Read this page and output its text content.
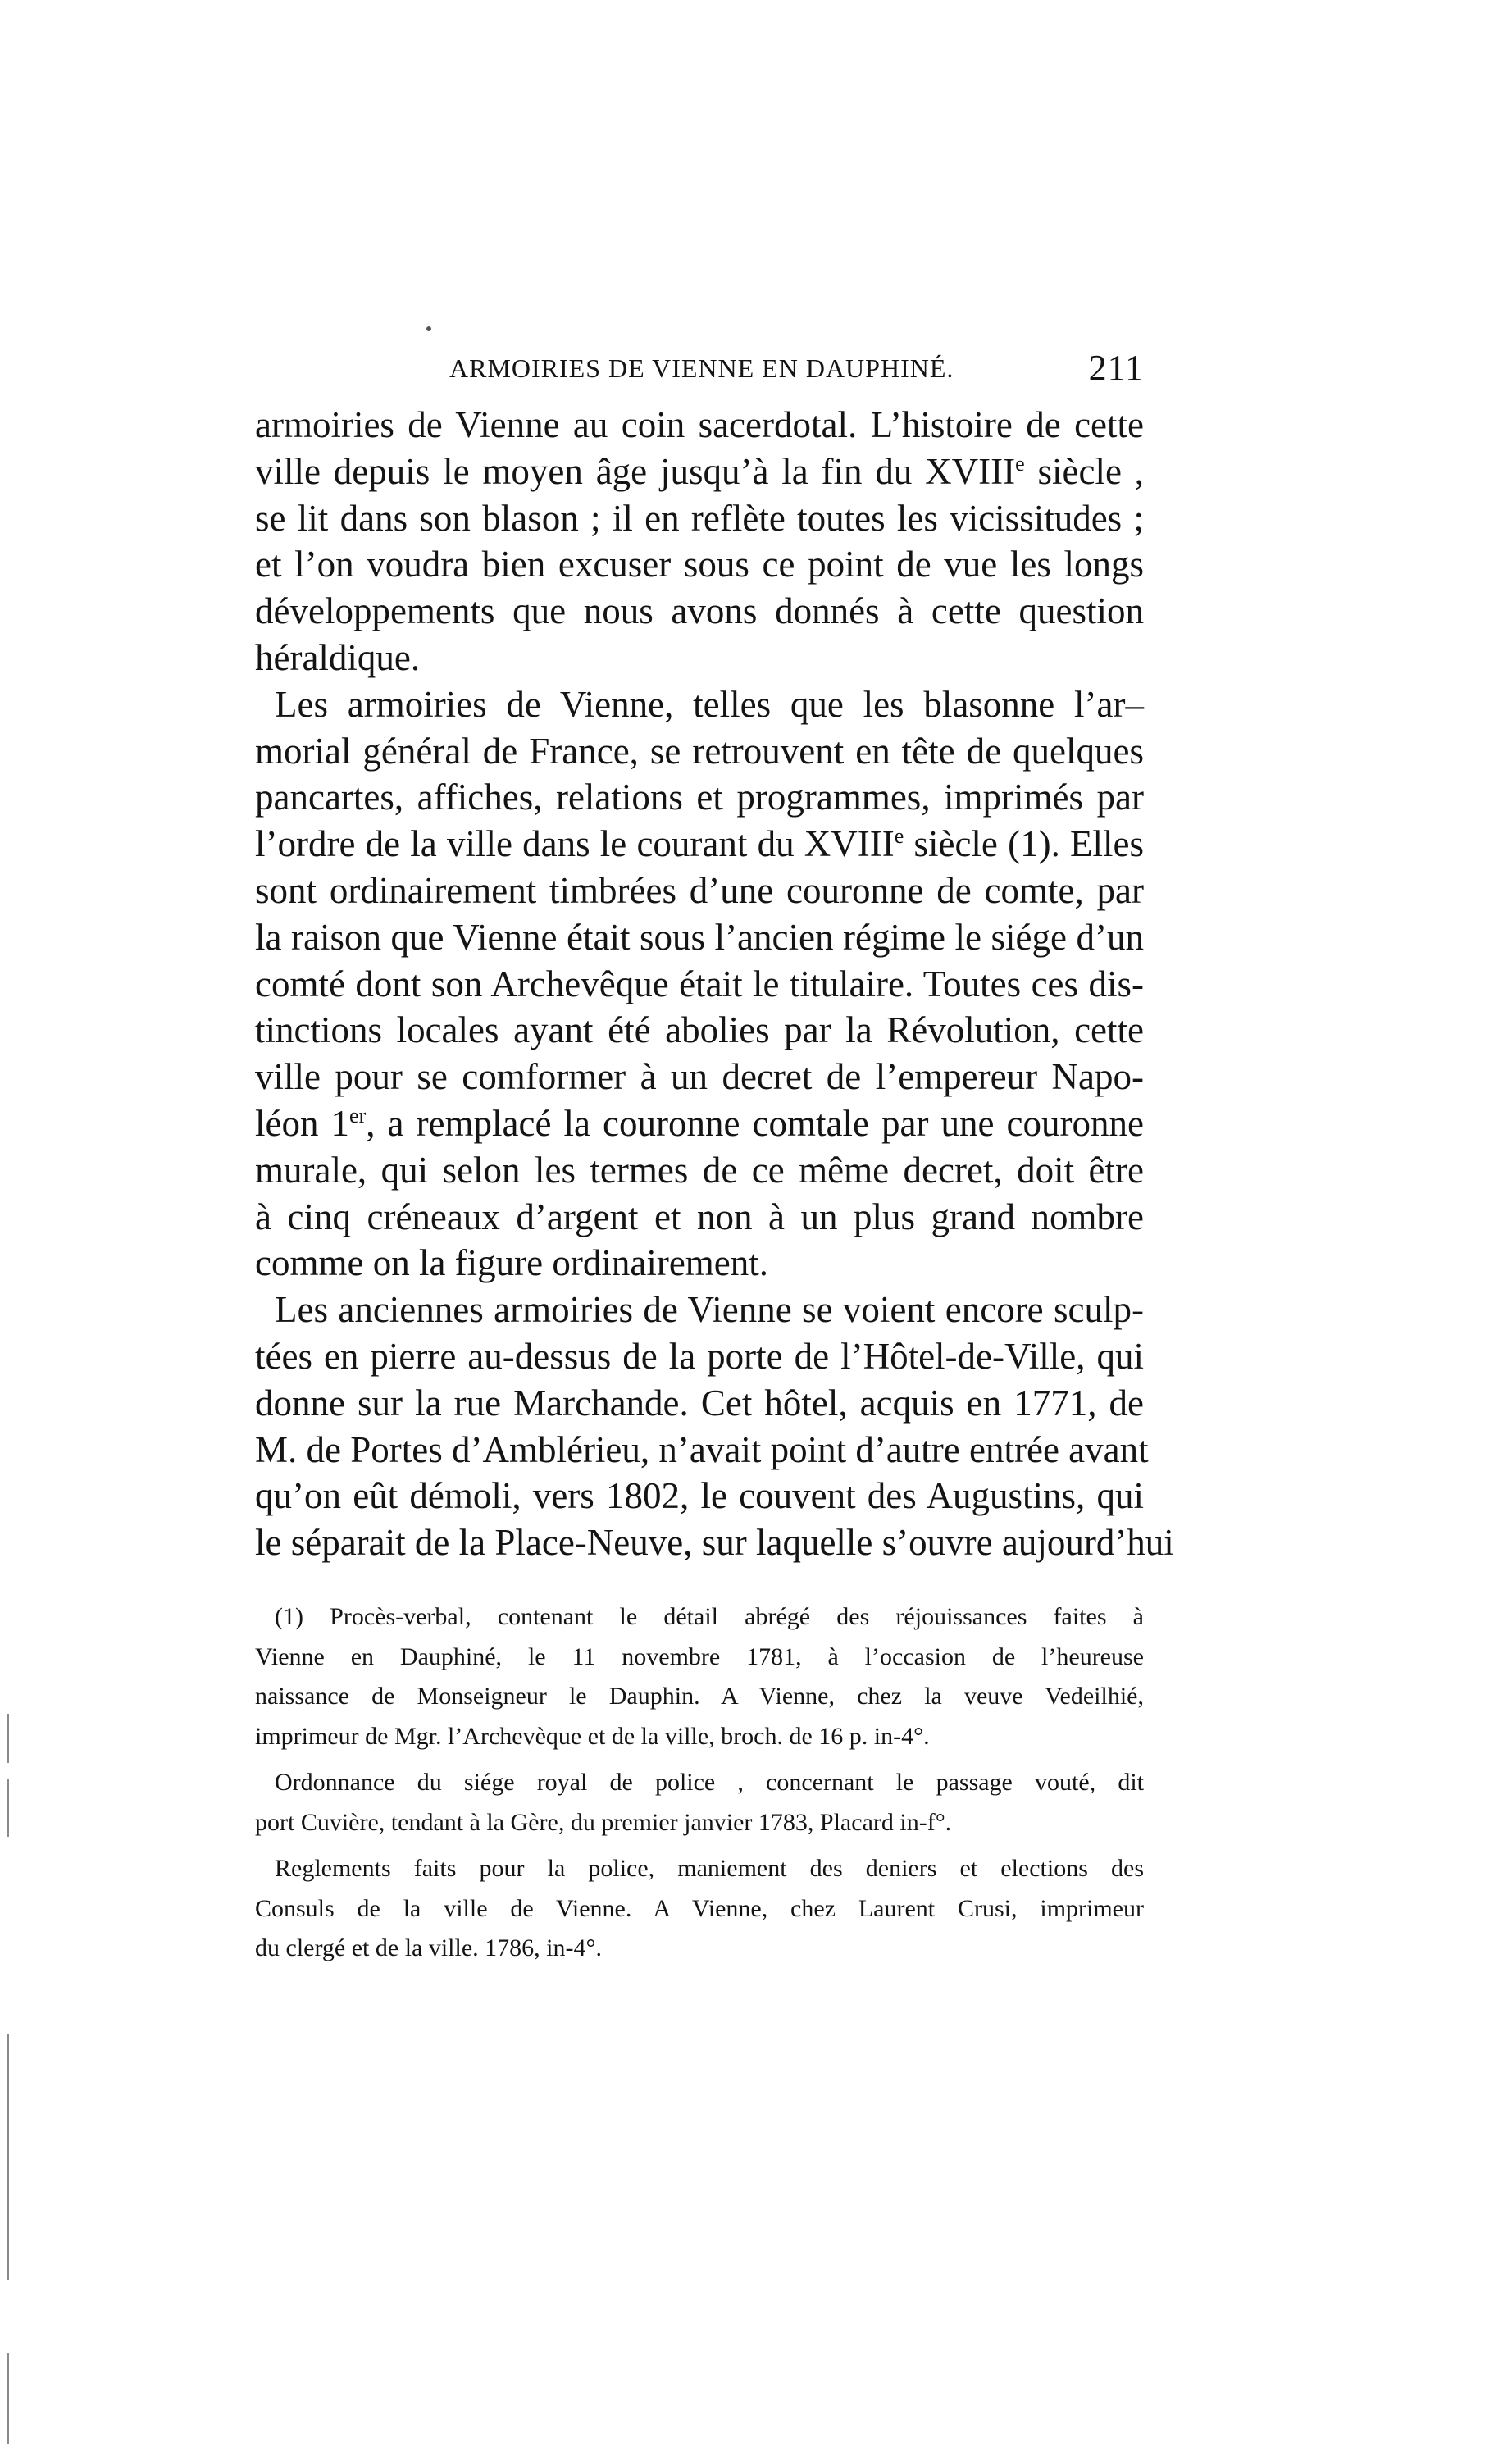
ARMOIRIES DE VIENNE EN DAUPHINÉ.	211
armoiries de Vienne au coin sacerdotal. L’histoire de cette
ville depuis le moyen âge jusqu’à la fin du XVIIIe siècle ,
se lit dans son blason ; il en reflète toutes les vicissitudes ;
et l’on voudra bien excuser sous ce point de vue les longs
développements que nous avons donnés à cette question
héraldique.
Les armoiries de Vienne, telles que les blasonne l’ar–
morial général de France, se retrouvent en tête de quelques
pancartes, affiches, relations et programmes, imprimés par
l’ordre de la ville dans le courant du XVIIIe siècle (1). Elles
sont ordinairement timbrées d’une couronne de comte, par
la raison que Vienne était sous l’ancien régime le siége d’un
comté dont son Archevêque était le titulaire. Toutes ces dis-
tinctions locales ayant été abolies par la Révolution, cette
ville pour se comformer à un decret de l’empereur Napo-
léon 1er, a remplacé la couronne comtale par une couronne
murale, qui selon les termes de ce même decret, doit être
à cinq créneaux d’argent et non à un plus grand nombre
comme on la figure ordinairement.
Les anciennes armoiries de Vienne se voient encore sculp-
tées en pierre au-dessus de la porte de l’Hôtel-de-Ville, qui
donne sur la rue Marchande. Cet hôtel, acquis en 1771, de
M. de Portes d’Amblérieu, n’avait point d’autre entrée avant
qu’on eût démoli, vers 1802, le couvent des Augustins, qui
le séparait de la Place-Neuve, sur laquelle s’ouvre aujourd’hui
(1) Procès-verbal, contenant le détail abrégé des réjouissances faites à
Vienne en Dauphiné, le 11 novembre 1781, à l’occasion de l’heureuse
naissance de Monseigneur le Dauphin. A Vienne, chez la veuve Vedeilhié,
imprimeur de Mgr. l’Archevèque et de la ville, broch. de 16 p. in-4°.
Ordonnance du siége royal de police , concernant le passage vouté, dit
port Cuvière, tendant à la Gère, du premier janvier 1783, Placard in-f°.
Reglements faits pour la police, maniement des deniers et elections des
Consuls de la ville de Vienne. A Vienne, chez Laurent Crusi, imprimeur
du clergé et de la ville. 1786, in-4°.
